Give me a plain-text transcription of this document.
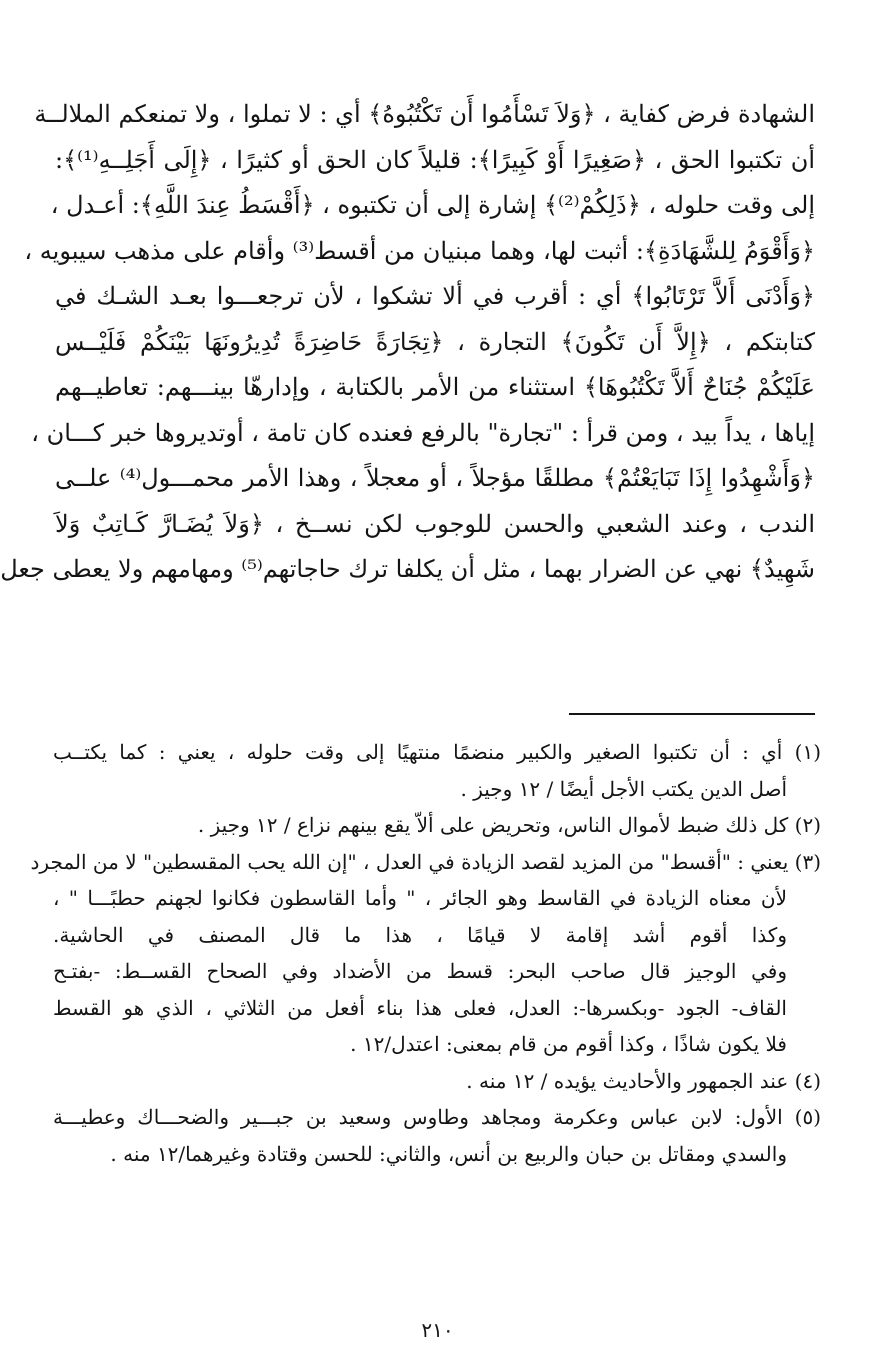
الشهادة فرض كفاية ، ﴿وَلاَ تَسْأَمُوا أَن تَكْتُبُوهُ﴾ أي : لا تملوا ، ولا تمنعكم الملالــة
أن تكتبوا الحق ، ﴿صَغِيرًا أَوْ كَبِيرًا﴾: قليلاً كان الحق أو كثيرًا ، ﴿إِلَى أَجَلِــهِ⁽¹⁾﴾:
إلى وقت حلوله ، ﴿ذَلِكُمْ⁽²⁾﴾ إشارة إلى أن تكتبوه ، ﴿أَقْسَطُ عِندَ اللَّهِ﴾: أعـدل ،
﴿وَأَقْوَمُ لِلشَّهَادَةِ﴾: أثبت لها، وهما مبنيان من أقسط⁽³⁾ وأقام على مذهب سيبويه ،
﴿وَأَدْنَى أَلاَّ تَرْتَابُوا﴾ أي : أقرب في ألا تشكوا ، لأن ترجعـــوا بعـد الشـك في
كتابتكم ، ﴿إِلاَّ أَن تَكُونَ﴾ التجارة ، ﴿تِجَارَةً حَاضِرَةً تُدِيرُونَهَا بَيْنَكُمْ فَلَيْــس
عَلَيْكُمْ جُنَاحٌ أَلاَّ تَكْتُبُوهَا﴾ استثناء من الأمر بالكتابة ، وإدارهّا بينـــهم: تعاطيــهم
إياها ، يداً بيد ، ومن قرأ : "تجارة" بالرفع فعنده كان تامة ، أوتديروها خبر كـــان ،
﴿وَأَشْهِدُوا إِذَا تَبَايَعْتُمْ﴾ مطلقًا مؤجلاً ، أو معجلاً ، وهذا الأمر محمـــول⁽⁴⁾ علــى
الندب ، وعند الشعبي والحسن للوجوب لكن نســخ ، ﴿وَلاَ يُضَـارَّ كَـاتِبٌ وَلاَ
شَهِيدٌ﴾ نهي عن الضرار بهما ، مثل أن يكلفا ترك حاجاتهم⁽⁵⁾ ومهامهم ولا يعطى جعل
(١) أي : أن تكتبوا الصغير والكبير منضمًا منتهيًا إلى وقت حلوله ، يعني : كما يكتــب
أصل الدين يكتب الأجل أيضًا / ١٢ وجيز .
(٢) كل ذلك ضبط لأموال الناس، وتحريض على ألاّ يقع بينهم نزاع / ١٢ وجيز .
(٣) يعني : "أقسط" من المزيد لقصد الزيادة في العدل ، "إن الله يحب المقسطين" لا من المجرد
لأن معناه الزيادة في القاسط وهو الجائر ، " وأما القاسطون فكانوا لجهنم حطبًـــا " ،
وكذا أقوم أشد إقامة لا قيامًا ، هذا ما قال المصنف في الحاشية.
وفي الوجيز قال صاحب البحر: قسط من الأضداد وفي الصحاح القســط: -بفتـح
القاف- الجود -وبكسرها-: العدل، فعلى هذا بناء أفعل من الثلاثي ، الذي هو القسط
فلا يكون شاذًا ، وكذا أقوم من قام بمعنى: اعتدل/١٢ .
(٤) عند الجمهور والأحاديث يؤيده / ١٢ منه .
(٥) الأول: لابن عباس وعكرمة ومجاهد وطاوس وسعيد بن جبـــير والضحـــاك وعطيـــة
والسدي ومقاتل بن حبان والربيع بن أنس، والثاني: للحسن وقتادة وغيرهما/١٢ منه .
٢١٠
